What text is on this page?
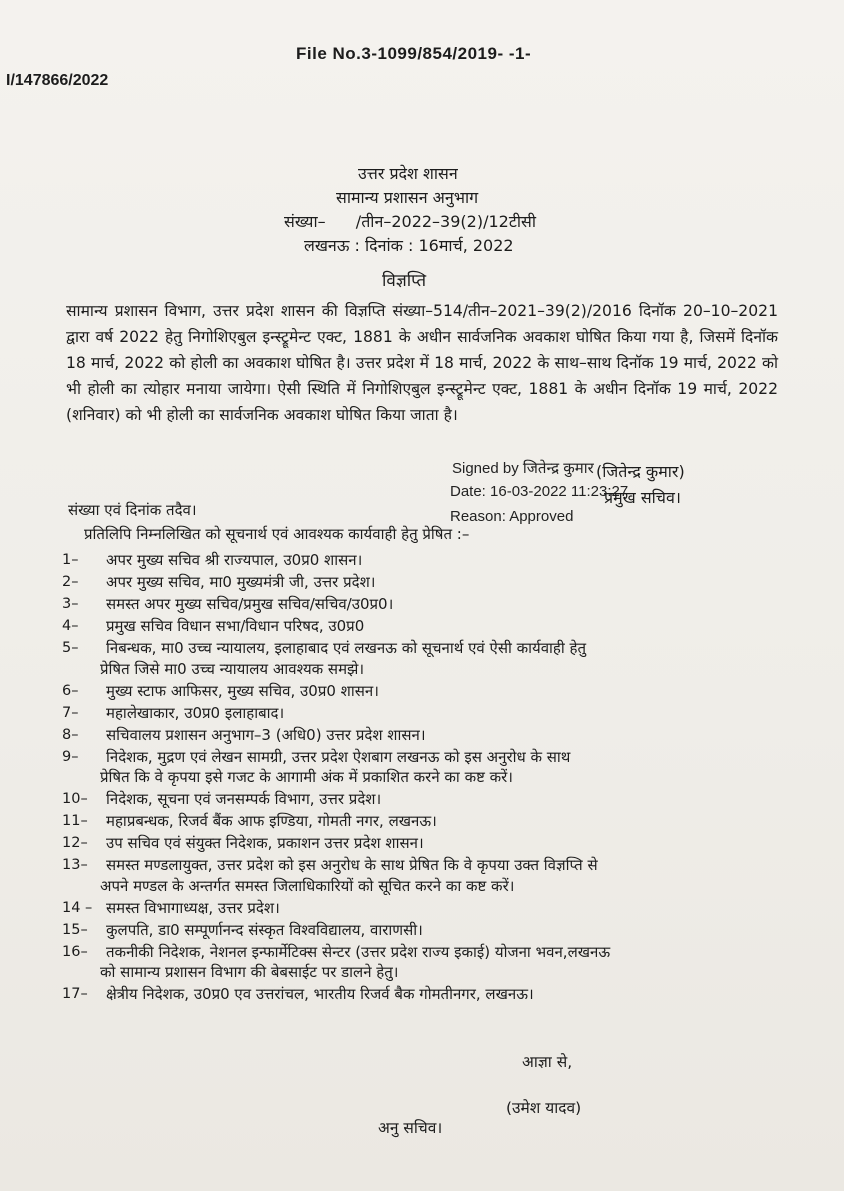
File No.3-1099/854/2019- -1-
I/147866/2022
उत्तर प्रदेश शासन
सामान्य प्रशासन अनुभाग
संख्या– /तीन–2022–39(2)/12टीसी
लखनऊ : दिनांक : 16मार्च, 2022
विज्ञप्ति
सामान्य प्रशासन विभाग, उत्तर प्रदेश शासन की विज्ञप्ति संख्या–514/तीन–2021–39(2)/2016 दिनॉक 20–10–2021 द्वारा वर्ष 2022 हेतु निगोशिएबुल इन्स्ट्रूमेन्ट एक्ट, 1881 के अधीन सार्वजनिक अवकाश घोषित किया गया है, जिसमें दिनॉक 18 मार्च, 2022 को होली का अवकाश घोषित है। उत्तर प्रदेश में 18 मार्च, 2022 के साथ–साथ दिनॉक 19 मार्च, 2022 को भी होली का त्योहार मनाया जायेगा। ऐसी स्थिति में निगोशिएबुल इन्स्ट्रूमेन्ट एक्ट, 1881 के अधीन दिनॉक 19 मार्च, 2022 (शनिवार) को भी होली का सार्वजनिक अवकाश घोषित किया जाता है।
Signed by जितेन्द्र कुमार (जितेन्द्र कुमार)
Date: 16-03-2022 11:23:27
प्रमुख सचिव।
Reason: Approved
संख्या एवं दिनांक तदैव।
प्रतिलिपि निम्नलिखित को सूचनार्थ एवं आवश्यक कार्यवाही हेतु प्रेषित :–
1–	अपर मुख्य सचिव श्री राज्यपाल, उ0प्र0 शासन।
2–	अपर मुख्य सचिव, मा0 मुख्यमंत्री जी, उत्तर प्रदेश।
3–	समस्त अपर मुख्य सचिव/प्रमुख सचिव/सचिव/उ0प्र0।
4–	प्रमुख सचिव विधान सभा/विधान परिषद, उ0प्र0
5–	निबन्धक, मा0 उच्च न्यायालय, इलाहाबाद एवं लखनऊ को सूचनार्थ एवं ऐसी कार्यवाही हेतु
प्रेषित जिसे मा0 उच्च न्यायालय आवश्यक समझे।
6–	मुख्य स्टाफ आफिसर, मुख्य सचिव, उ0प्र0 शासन।
7–	महालेखाकार, उ0प्र0 इलाहाबाद।
8–	सचिवालय प्रशासन अनुभाग–3 (अधि0) उत्तर प्रदेश शासन।
9–	निदेशक, मुद्रण एवं लेखन सामग्री, उत्तर प्रदेश ऐशबाग लखनऊ को इस अनुरोध के साथ
प्रेषित कि वे कृपया इसे गजट के आगामी अंक में प्रकाशित करने का कष्ट करें।
10–	निदेशक, सूचना एवं जनसम्पर्क विभाग, उत्तर प्रदेश।
11–	महाप्रबन्धक, रिजर्व बैंक आफ इण्डिया, गोमती नगर, लखनऊ।
12–	उप सचिव एवं संयुक्त निदेशक, प्रकाशन उत्तर प्रदेश शासन।
13–	समस्त मण्डलायुक्त, उत्तर प्रदेश को इस अनुरोध के साथ प्रेषित कि वे कृपया उक्त विज्ञप्ति से
अपने मण्डल के अन्तर्गत समस्त जिलाधिकारियों को सूचित करने का कष्ट करें।
14 – समस्त विभागाध्यक्ष, उत्तर प्रदेश।
15–	कुलपति, डा0 सम्पूर्णानन्द संस्कृत विश्वविद्यालय, वाराणसी।
16–	तकनीकी निदेशक, नेशनल इन्फार्मेटिक्स सेन्टर (उत्तर प्रदेश राज्य इकाई) योजना भवन,लखनऊ
को सामान्य प्रशासन विभाग की बेबसाईट पर डालने हेतु।
17–	क्षेत्रीय निदेशक, उ0प्र0 एव उत्तरांचल, भारतीय रिजर्व बैक गोमतीनगर, लखनऊ।
आज्ञा से,
(उमेश यादव)
अनु सचिव।
